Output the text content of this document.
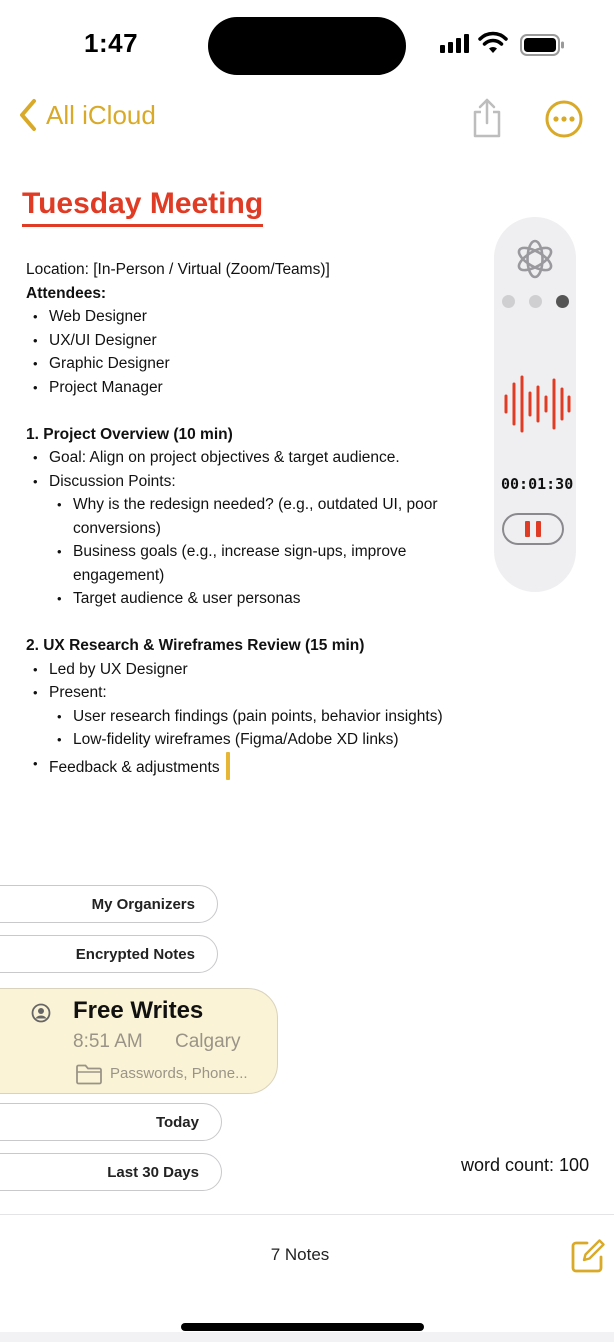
1:47
All iCloud
Tuesday Meeting
Location: [In-Person / Virtual (Zoom/Teams)]
Attendees:
• Web Designer
• UX/UI Designer
• Graphic Designer
• Project Manager
1. Project Overview (10 min)
• Goal: Align on project objectives & target audience.
• Discussion Points:
• Why is the redesign needed? (e.g., outdated UI, poor conversions)
• Business goals (e.g., increase sign-ups, improve engagement)
• Target audience & user personas
2. UX Research & Wireframes Review (15 min)
• Led by UX Designer
• Present:
• User research findings (pain points, behavior insights)
• Low-fidelity wireframes (Figma/Adobe XD links)
• Feedback & adjustments
00:01:30
My Organizers
Encrypted Notes
Free Writes
8:51 AM Calgary
Passwords, Phone...
Today
Last 30 Days	word count: 100
7 Notes
